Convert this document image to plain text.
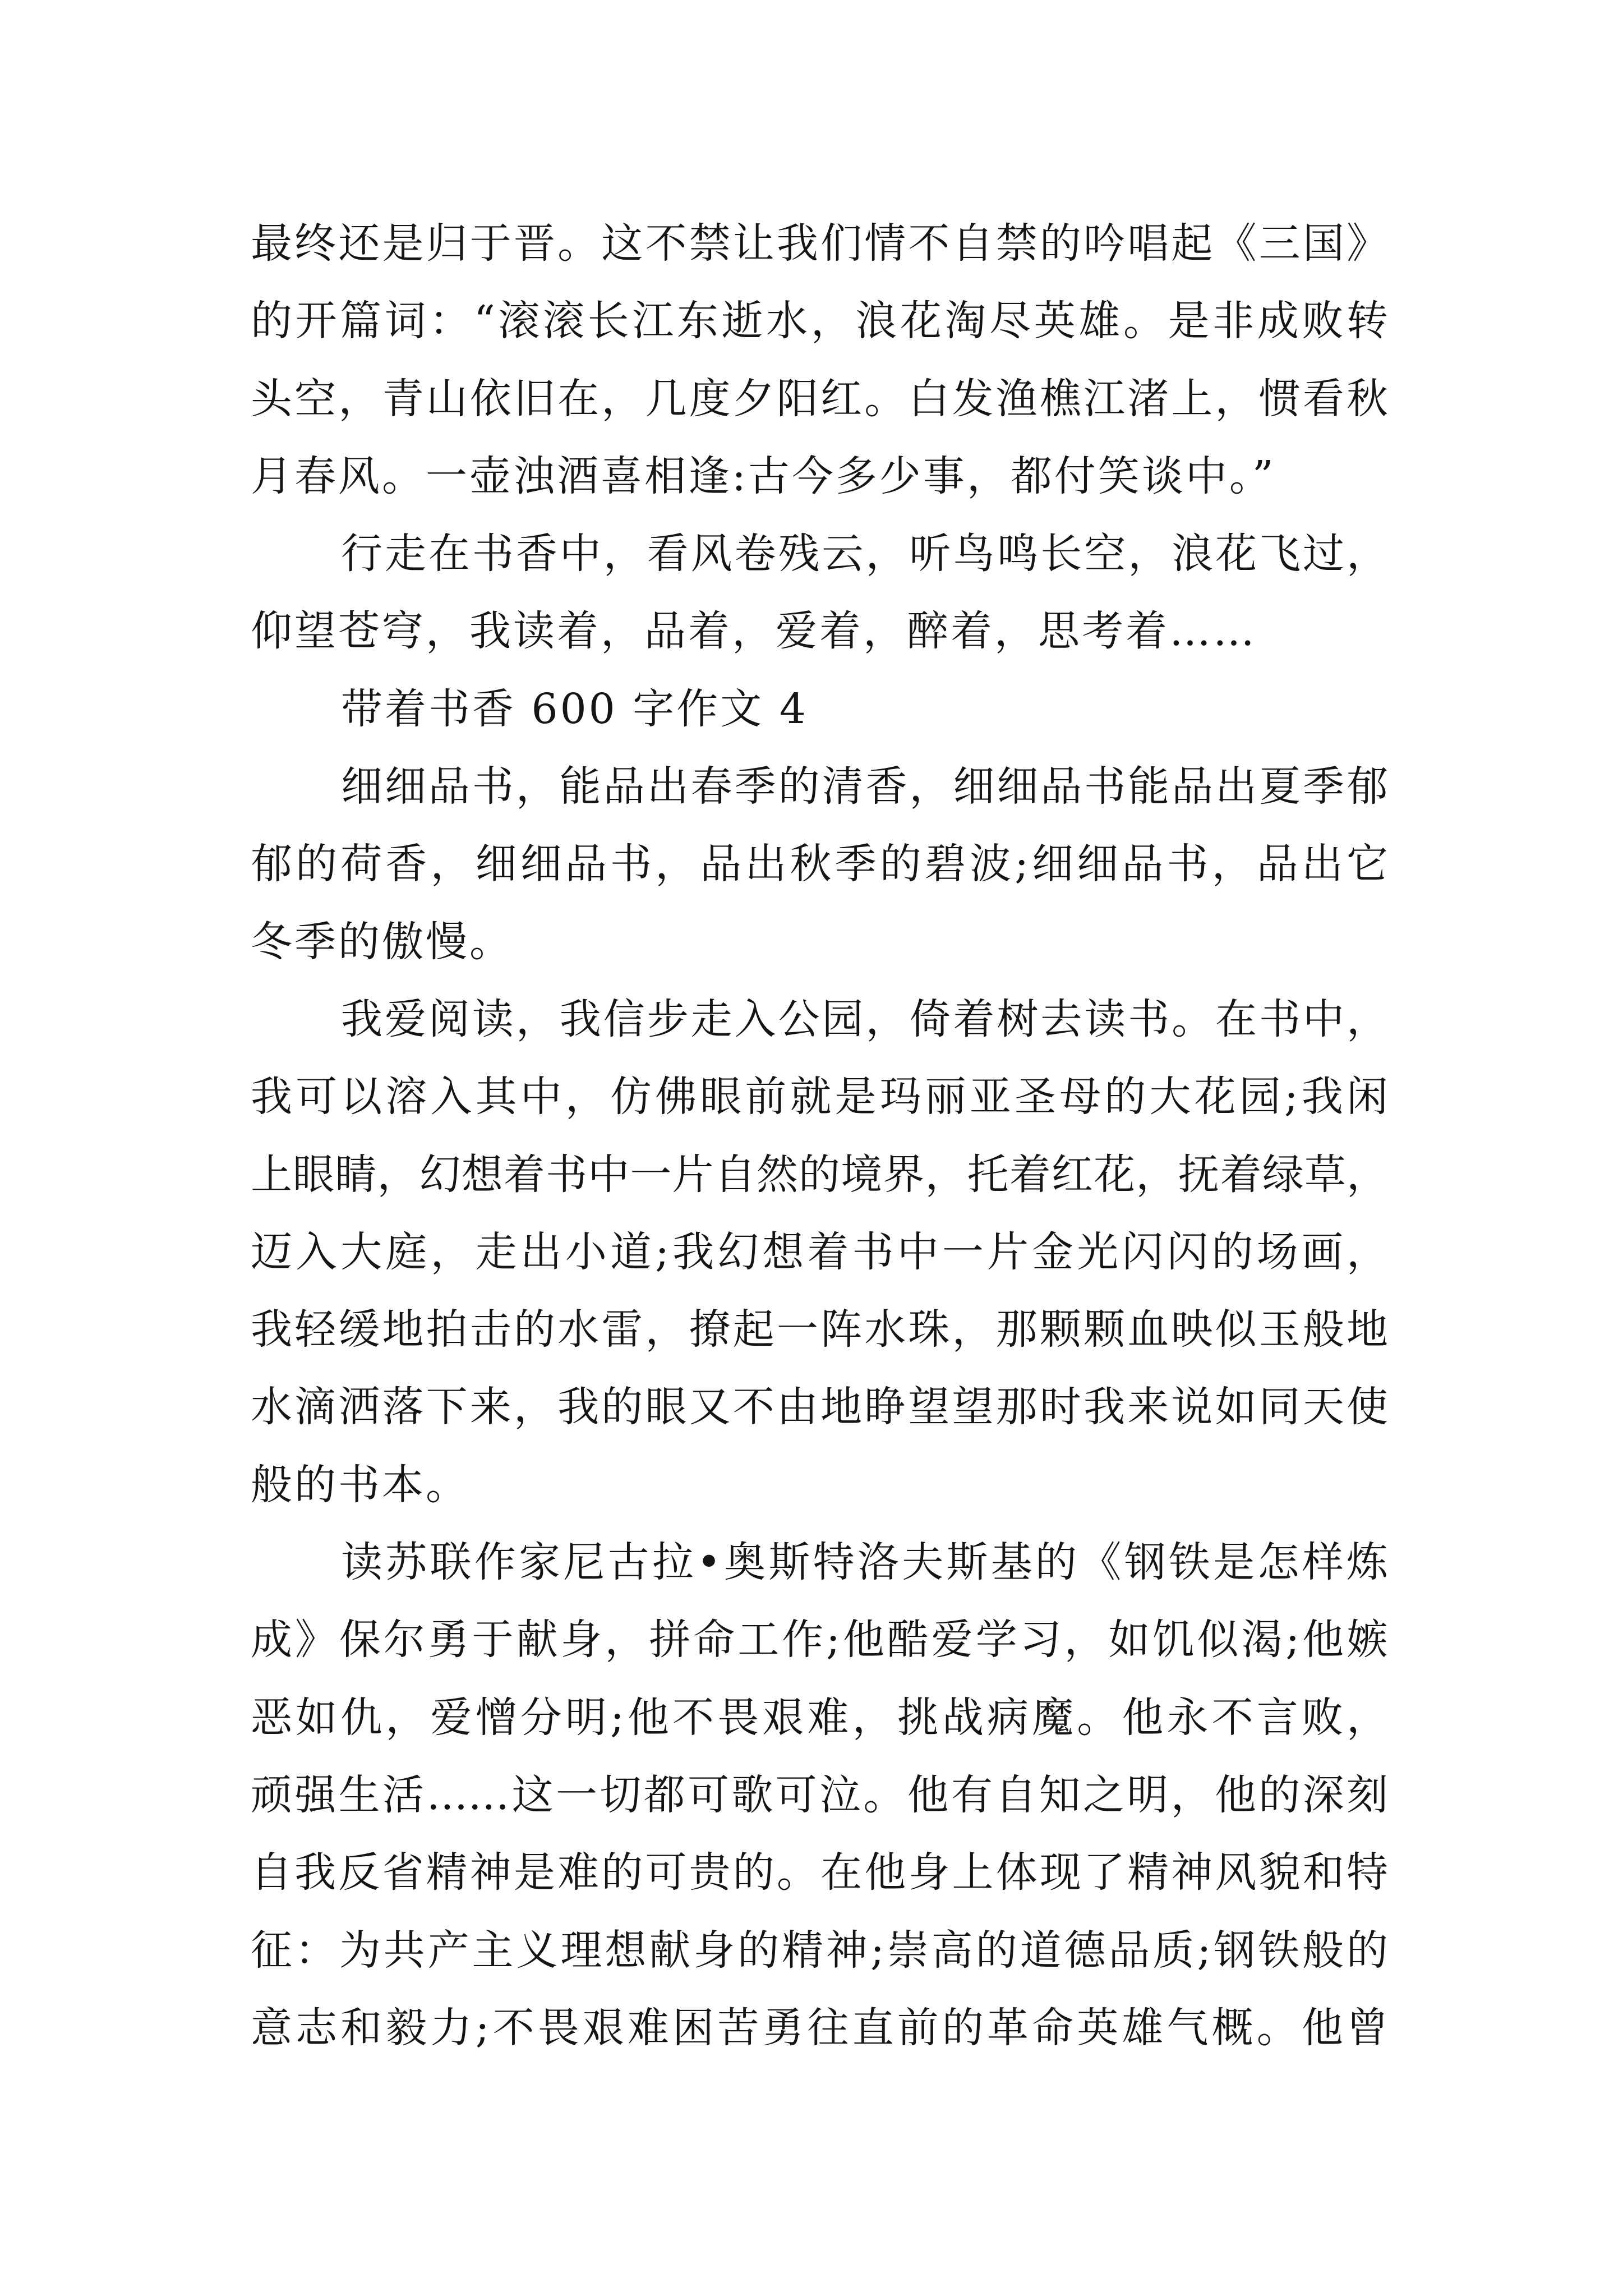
最终还是归于晋。这不禁让我们情不自禁的吟唱起《三国》
的开篇词：“滚滚长江东逝水，浪花淘尽英雄。是非成败转
头空，青山依旧在，几度夕阳红。白发渔樵江渚上，惯看秋
月春风。一壶浊酒喜相逢:古今多少事，都付笑谈中。”
行走在书香中，看风卷残云，听鸟鸣长空，浪花飞过，
仰望苍穹，我读着，品着，爱着，醉着，思考着……
带着书香 600 字作文 4
细细品书，能品出春季的清香，细细品书能品出夏季郁
郁的荷香，细细品书，品出秋季的碧波;细细品书，品出它
冬季的傲慢。
我爱阅读，我信步走入公园，倚着树去读书。在书中，
我可以溶入其中，仿佛眼前就是玛丽亚圣母的大花园;我闲
上眼睛，幻想着书中一片自然的境界，托着红花，抚着绿草，
迈入大庭，走出小道;我幻想着书中一片金光闪闪的场画，
我轻缓地拍击的水雷，撩起一阵水珠，那颗颗血映似玉般地
水滴洒落下来，我的眼又不由地睁望望那时我来说如同天使
般的书本。
读苏联作家尼古拉•奥斯特洛夫斯基的《钢铁是怎样炼
成》保尔勇于献身，拼命工作;他酷爱学习，如饥似渴;他嫉
恶如仇，爱憎分明;他不畏艰难，挑战病魔。他永不言败，
顽强生活……这一切都可歌可泣。他有自知之明，他的深刻
自我反省精神是难的可贵的。在他身上体现了精神风貌和特
征：为共产主义理想献身的精神;崇高的道德品质;钢铁般的
意志和毅力;不畏艰难困苦勇往直前的革命英雄气概。他曾
